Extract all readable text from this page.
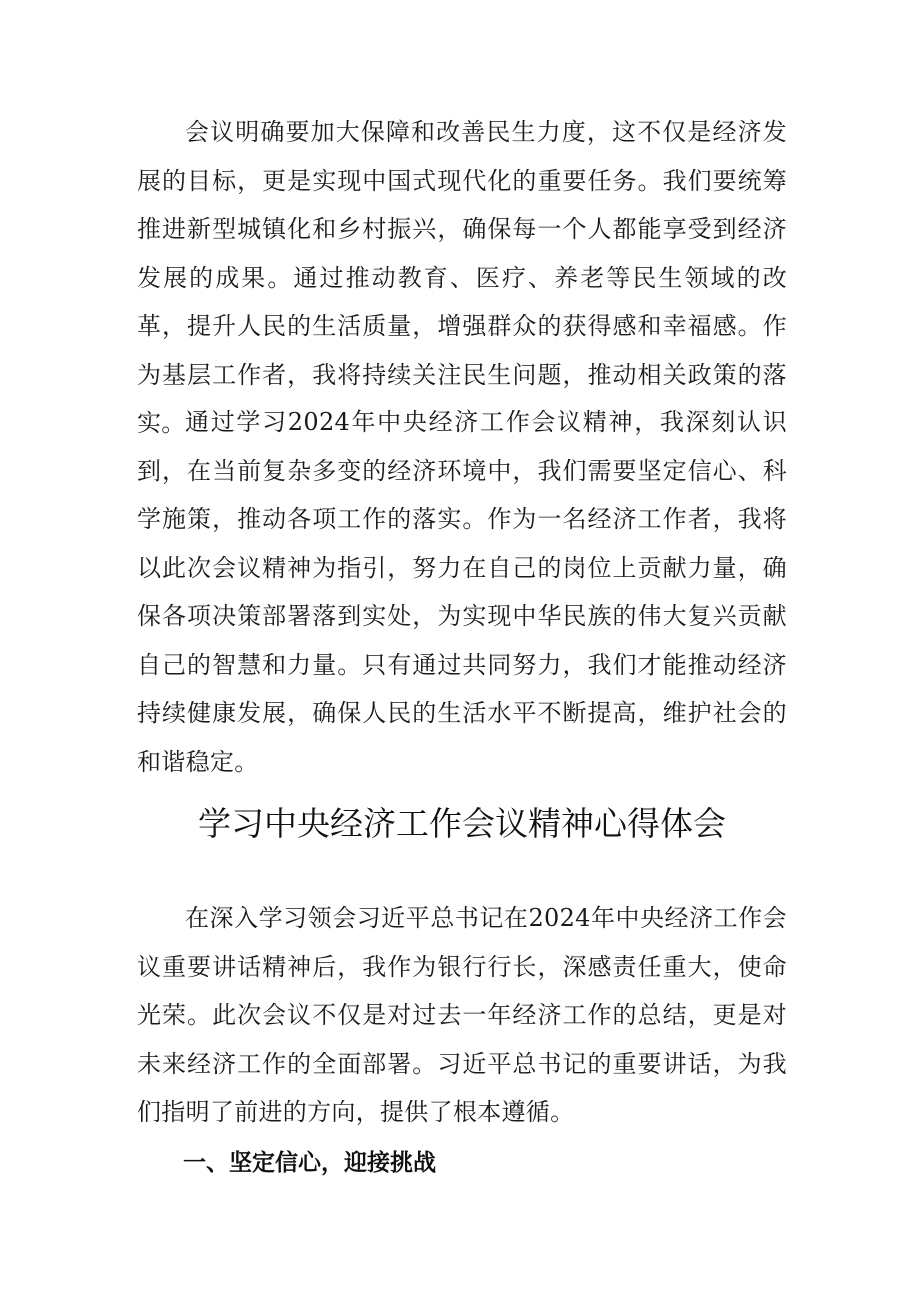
会议明确要加大保障和改善民生力度，这不仅是经济发展的目标，更是实现中国式现代化的重要任务。我们要统筹推进新型城镇化和乡村振兴，确保每一个人都能享受到经济发展的成果。通过推动教育、医疗、养老等民生领域的改革，提升人民的生活质量，增强群众的获得感和幸福感。作为基层工作者，我将持续关注民生问题，推动相关政策的落实。 通过学习2024年中央经济工作会议精神，我深刻认识到，在当前复杂多变的经济环境中，我们需要坚定信心、科学施策，推动各项工作的落实。作为一名经济工作者，我将以此次会议精神为指引，努力在自己的岗位上贡献力量，确保各项决策部署落到实处，为实现中华民族的伟大复兴贡献自己的智慧和力量。只有通过共同努力，我们才能推动经济持续健康发展，确保人民的生活水平不断提高，维护社会的和谐稳定。

学习中央经济工作会议精神心得体会

在深入学习领会习近平总书记在2024年中央经济工作会议重要讲话精神后，我作为银行行长，深感责任重大，使命光荣。此次会议不仅是对过去一年经济工作的总结，更是对未来经济工作的全面部署。习近平总书记的重要讲话，为我们指明了前进的方向，提供了根本遵循。

一、坚定信心，迎接挑战
